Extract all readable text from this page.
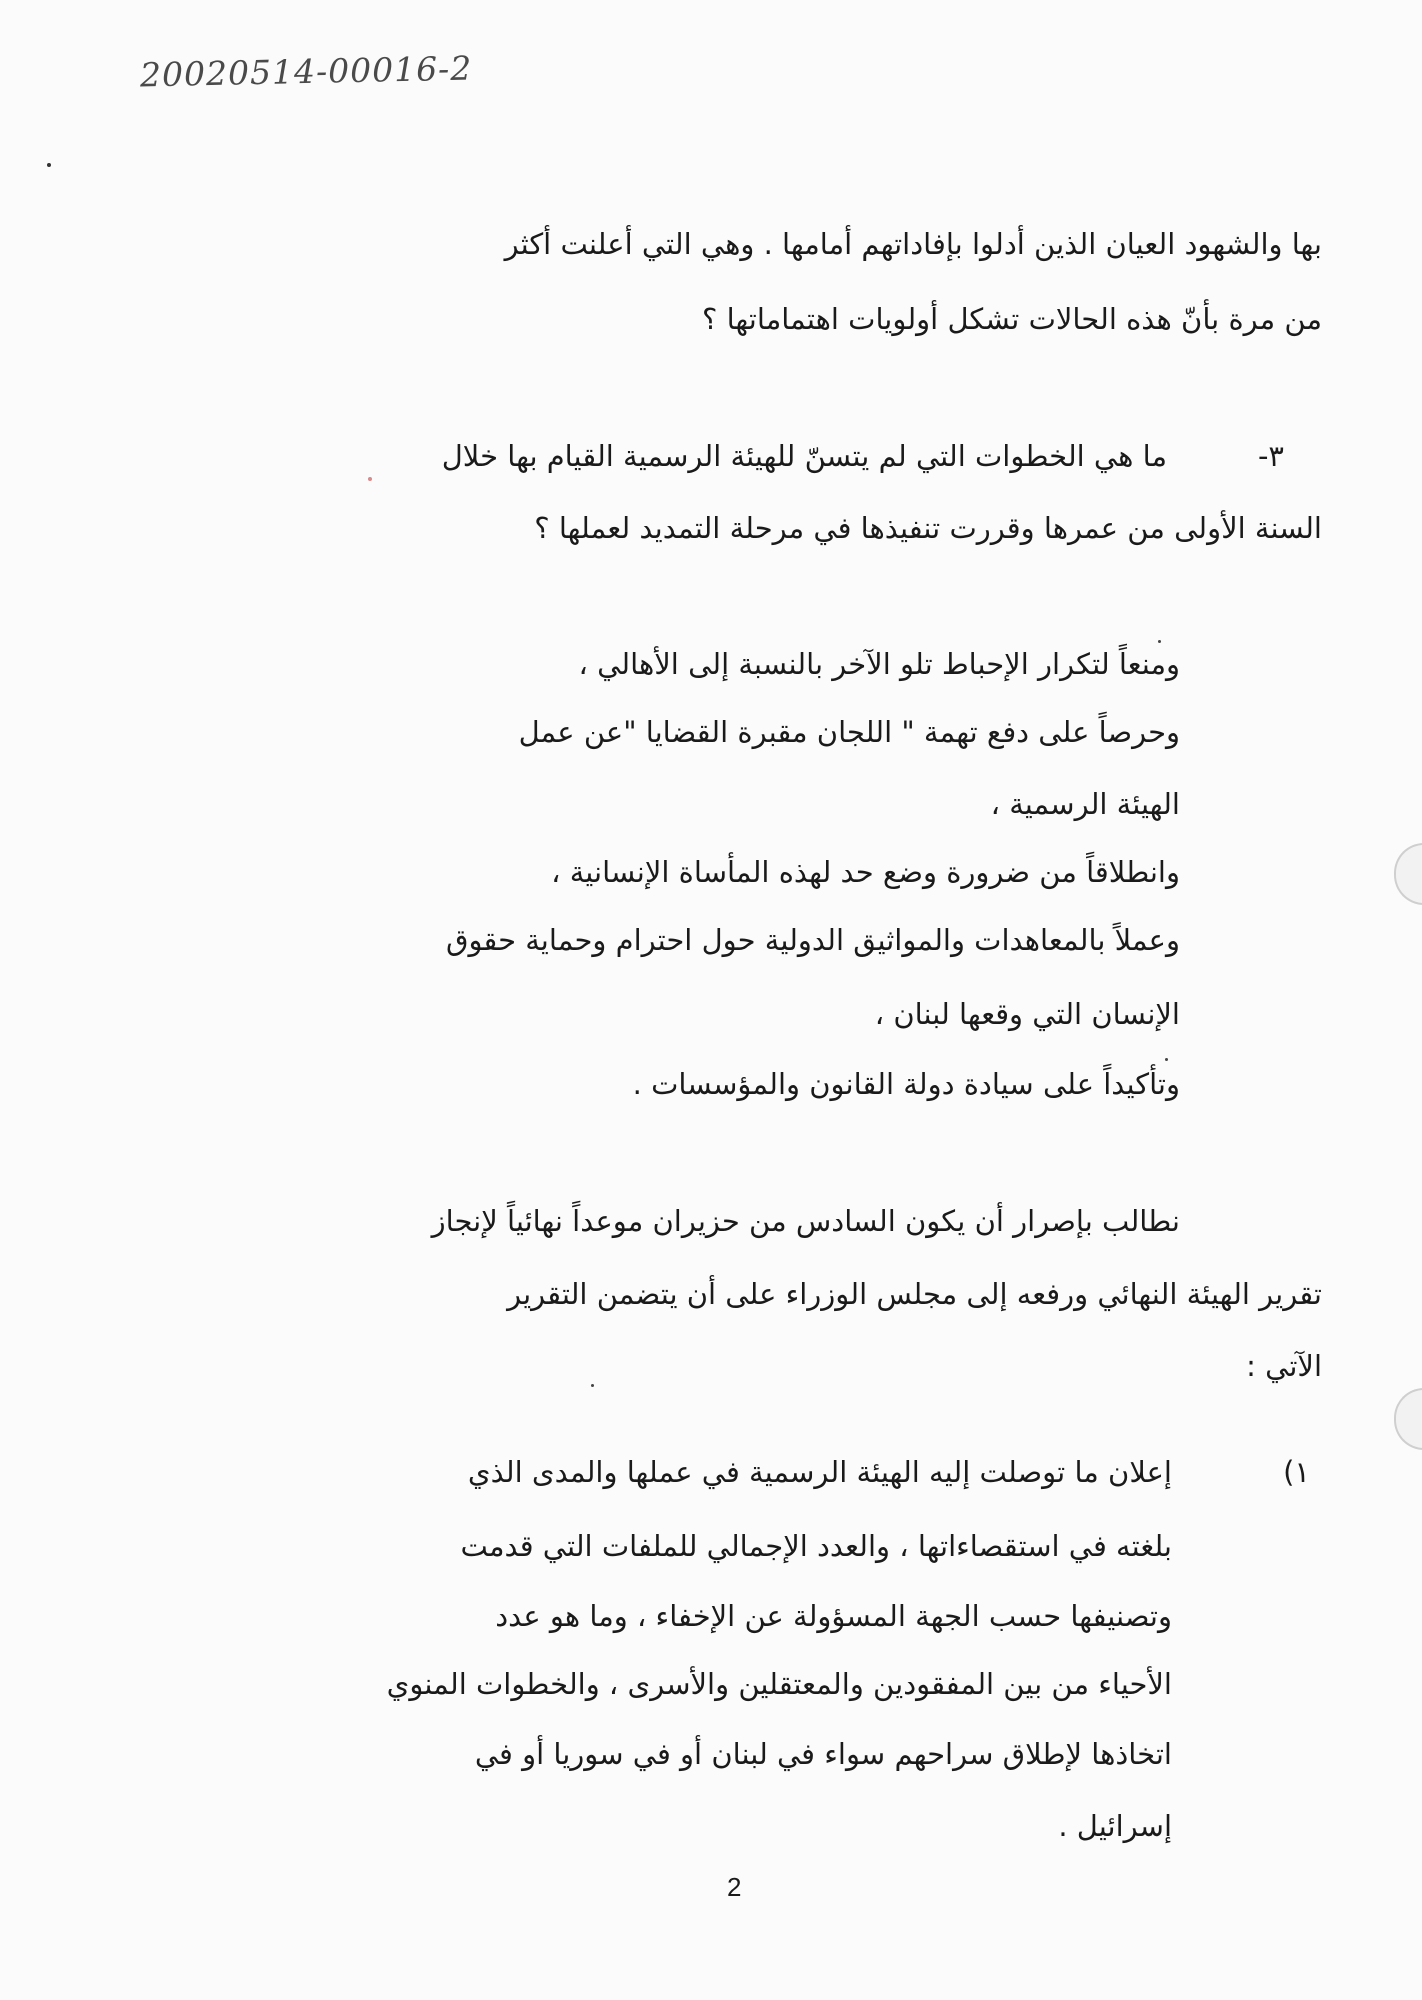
20020514-00016-2
بها والشهود العيان الذين أدلوا بإفاداتهم أمامها . وهي التي أعلنت أكثر
من مرة بأنّ هذه الحالات تشكل أولويات اهتماماتها ؟
٣-
ما هي الخطوات التي لم يتسنّ للهيئة الرسمية القيام بها خلال
السنة الأولى من عمرها وقررت تنفيذها في مرحلة التمديد لعملها ؟
ومنعاً لتكرار الإحباط تلو الآخر بالنسبة إلى الأهالي ،
وحرصاً على دفع تهمة " اللجان مقبرة القضايا "عن عمل
الهيئة الرسمية ،
وانطلاقاً من ضرورة وضع حد لهذه المأساة الإنسانية ،
وعملاً بالمعاهدات والمواثيق الدولية حول احترام وحماية حقوق
الإنسان التي وقعها لبنان ،
وتأكيداً على سيادة دولة القانون والمؤسسات .
نطالب بإصرار أن يكون السادس من حزيران موعداً نهائياً لإنجاز
تقرير الهيئة النهائي ورفعه إلى مجلس الوزراء على أن يتضمن التقرير
الآتي :
١)
إعلان ما توصلت إليه الهيئة الرسمية في عملها والمدى الذي
بلغته في استقصاءاتها ، والعدد الإجمالي للملفات التي قدمت
وتصنيفها حسب الجهة المسؤولة عن الإخفاء ، وما هو عدد
الأحياء من بين المفقودين والمعتقلين والأسرى ، والخطوات المنوي
اتخاذها لإطلاق سراحهم سواء في لبنان أو في سوريا أو في
إسرائيل .
2
